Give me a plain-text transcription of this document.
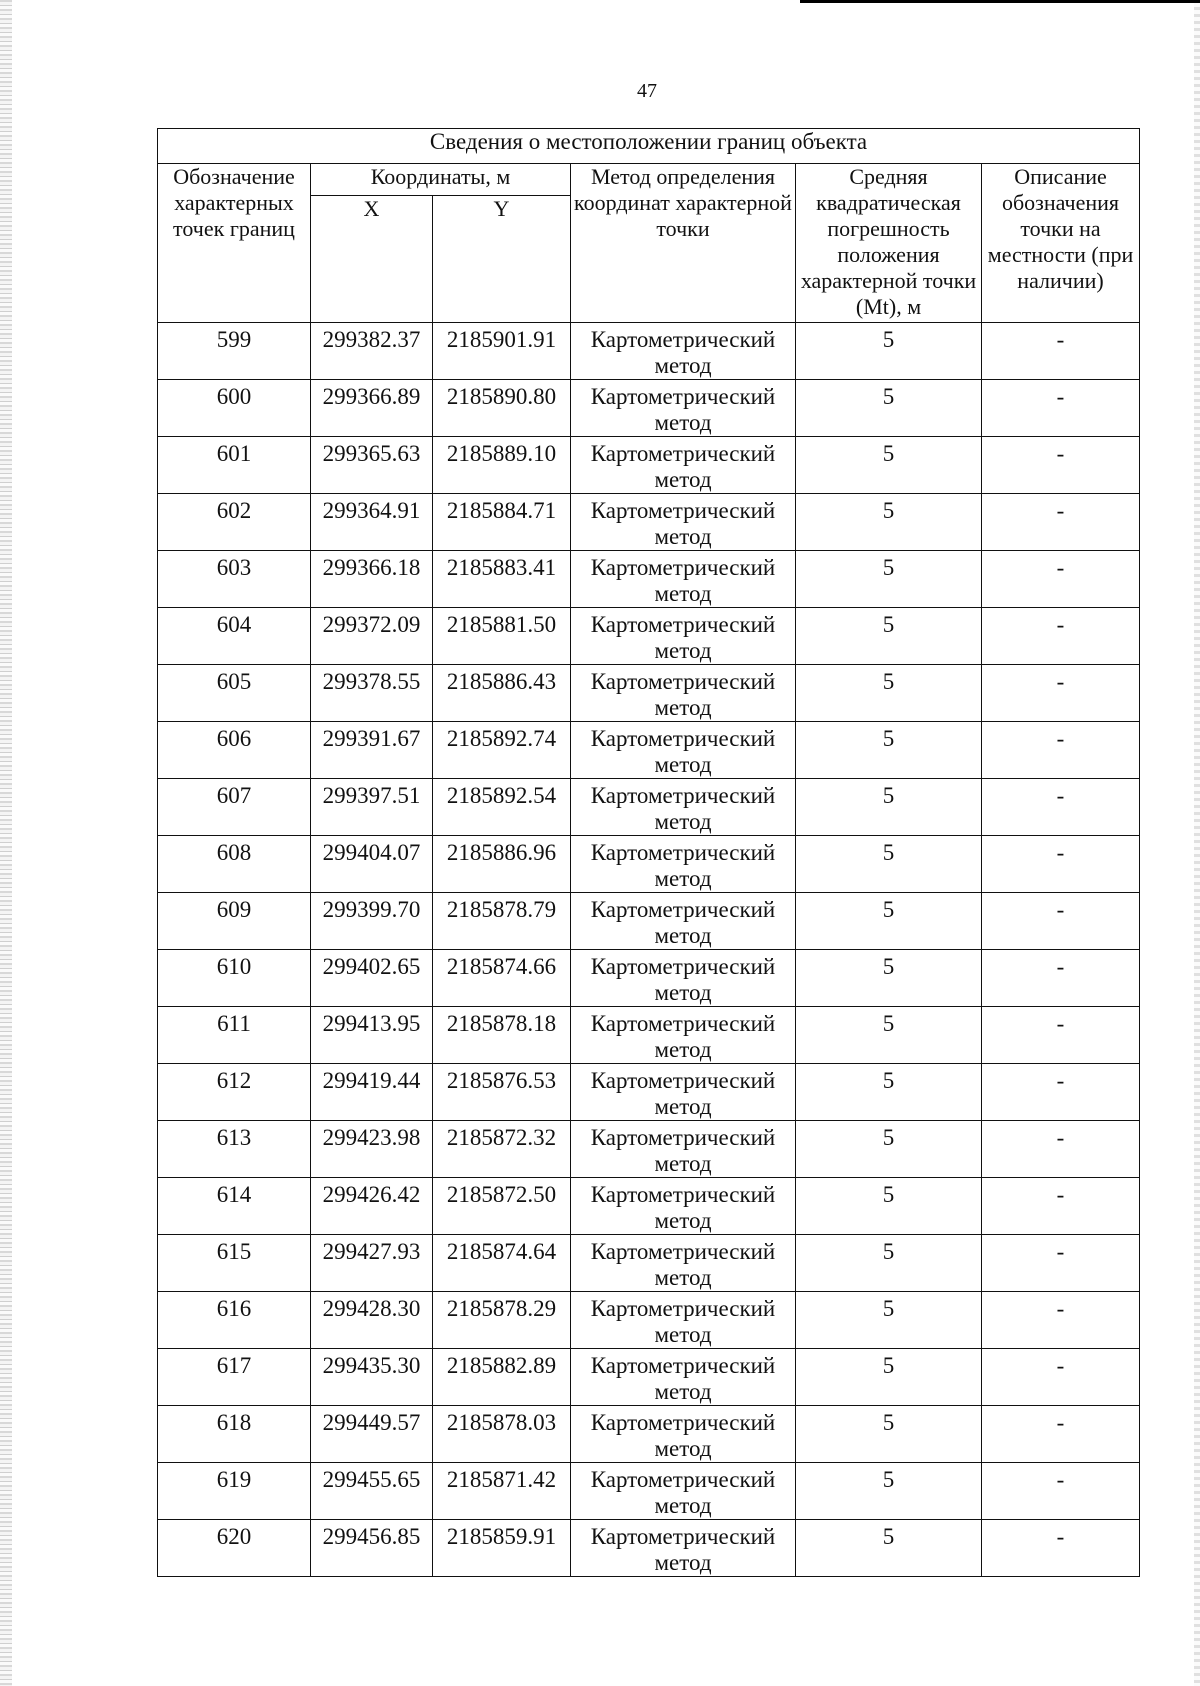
47
Сведения о местоположении границ объекта					
Обозначение характерных точек границ	Координаты, м		Метод определения координат характерной точки	Средняя квадратическая погрешность положения характерной точки (Mt), м	Описание обозначения точки на местности (при наличии)
	X	Y			
599	299382.37	2185901.91	Картометрический метод	5	-
600	299366.89	2185890.80	Картометрический метод	5	-
601	299365.63	2185889.10	Картометрический метод	5	-
602	299364.91	2185884.71	Картометрический метод	5	-
603	299366.18	2185883.41	Картометрический метод	5	-
604	299372.09	2185881.50	Картометрический метод	5	-
605	299378.55	2185886.43	Картометрический метод	5	-
606	299391.67	2185892.74	Картометрический метод	5	-
607	299397.51	2185892.54	Картометрический метод	5	-
608	299404.07	2185886.96	Картометрический метод	5	-
609	299399.70	2185878.79	Картометрический метод	5	-
610	299402.65	2185874.66	Картометрический метод	5	-
611	299413.95	2185878.18	Картометрический метод	5	-
612	299419.44	2185876.53	Картометрический метод	5	-
613	299423.98	2185872.32	Картометрический метод	5	-
614	299426.42	2185872.50	Картометрический метод	5	-
615	299427.93	2185874.64	Картометрический метод	5	-
616	299428.30	2185878.29	Картометрический метод	5	-
617	299435.30	2185882.89	Картометрический метод	5	-
618	299449.57	2185878.03	Картометрический метод	5	-
619	299455.65	2185871.42	Картометрический метод	5	-
620	299456.85	2185859.91	Картометрический метод	5	-
